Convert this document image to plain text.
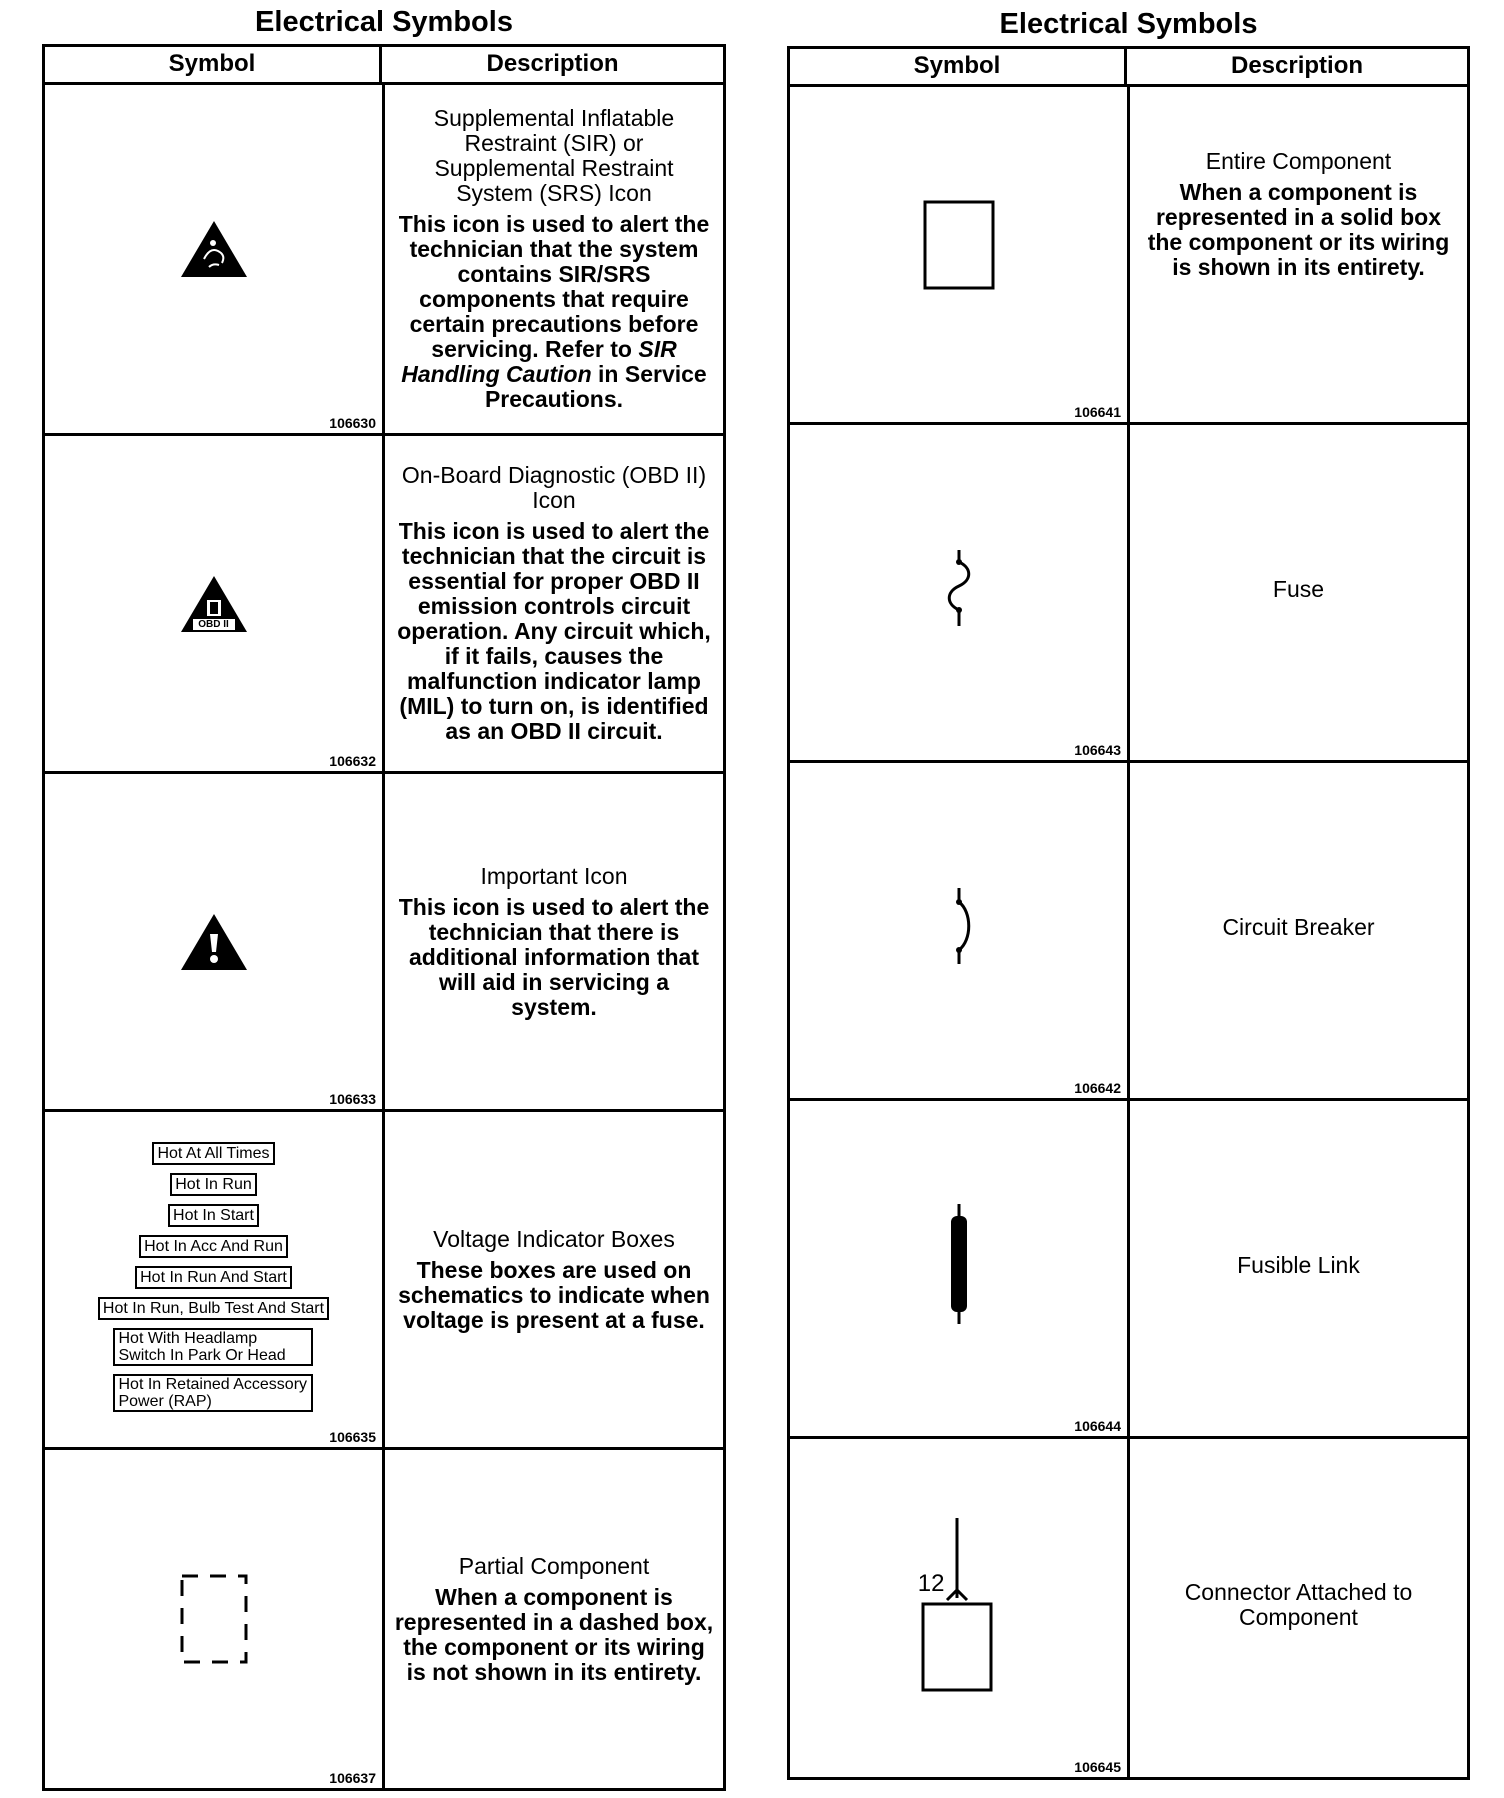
Electrical Symbols
Symbol	Description
106630
Supplemental Inflatable Restraint (SIR) or Supplemental Restraint System (SRS) Icon
This icon is used to alert the technician that the system contains SIR/SRS components that require certain precautions before servicing. Refer to SIR Handling Caution in Service Precautions.
OBD II
106632
On-Board Diagnostic (OBD II) Icon
This icon is used to alert the technician that the circuit is essential for proper OBD II emission controls circuit operation. Any circuit which, if it fails, causes the malfunction indicator lamp (MIL) to turn on, is identified as an OBD II circuit.
106633
Important Icon
This icon is used to alert the technician that there is additional information that will aid in servicing a system.
Hot At All Times
Hot In Run
Hot In Start
Hot In Acc And Run
Hot In Run And Start
Hot In Run, Bulb Test And Start
Hot With Headlamp Switch In Park Or Head
Hot In Retained Accessory Power (RAP)
106635
Voltage Indicator Boxes
These boxes are used on schematics to indicate when voltage is present at a fuse.
106637
Partial Component
When a component is represented in a dashed box, the component or its wiring is not shown in its entirety.
Electrical Symbols
Symbol	Description
106641
Entire Component
When a component is represented in a solid box the component or its wiring is shown in its entirety.
106643
Fuse
106642
Circuit Breaker
106644
Fusible Link
12
106645
Connector Attached to Component
